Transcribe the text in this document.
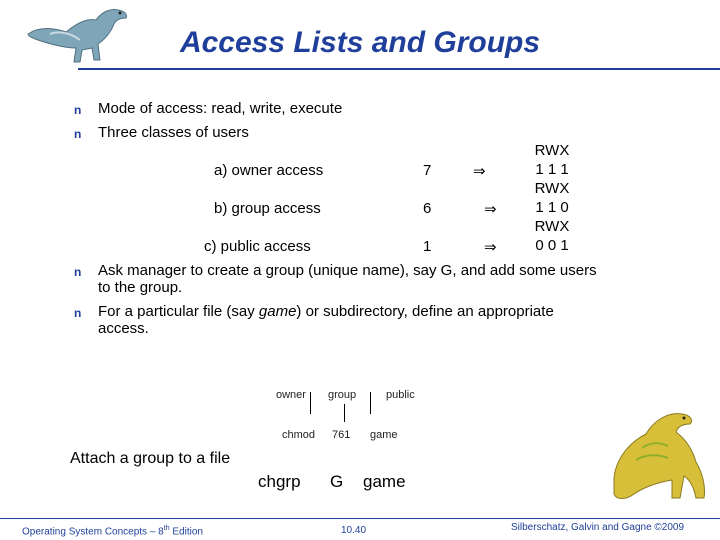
Access Lists and Groups
n Mode of access: read, write, execute
n Three classes of users
RWX
a) owner access	7	⇒	1 1 1
RWX
b) group access	6	⇒	1 1 0
RWX
c) public access	1	⇒	0 0 1
n Ask manager to create a group (unique name), say G, and add some users
to the group.
n For a particular file (say game) or subdirectory, define an appropriate
access.
owner group	public
chmod 761 game
Attach a group to a file
chgrp G game
Operating System Concepts – 8th Edition	10.40	Silberschatz, Galvin and Gagne ©2009
